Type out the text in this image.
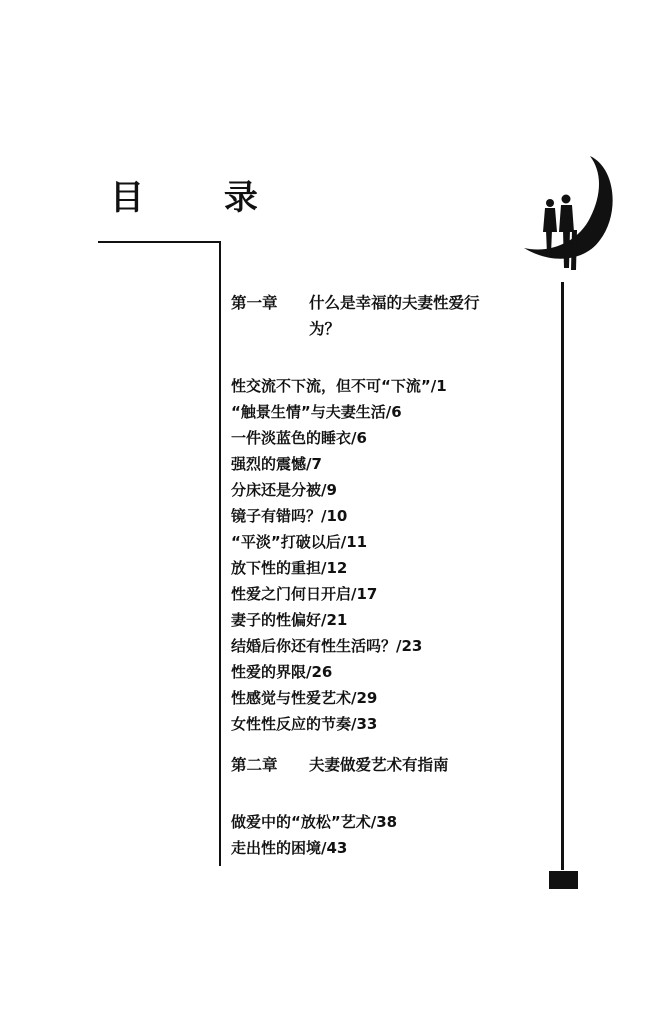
目 录
第一章	什么是幸福的夫妻性爱行为？
性交流不下流，但不可“下流”/1
“触景生情”与夫妻生活/6
一件淡蓝色的睡衣/6
强烈的震憾/7
分床还是分被/9
镜子有错吗？/10
“平淡”打破以后/11
放下性的重担/12
性爱之门何日开启/17
妻子的性偏好/21
结婚后你还有性生活吗？/23
性爱的界限/26
性感觉与性爱艺术/29
女性性反应的节奏/33
第二章	夫妻做爱艺术有指南
做爱中的“放松”艺术/38
走出性的困境/43
